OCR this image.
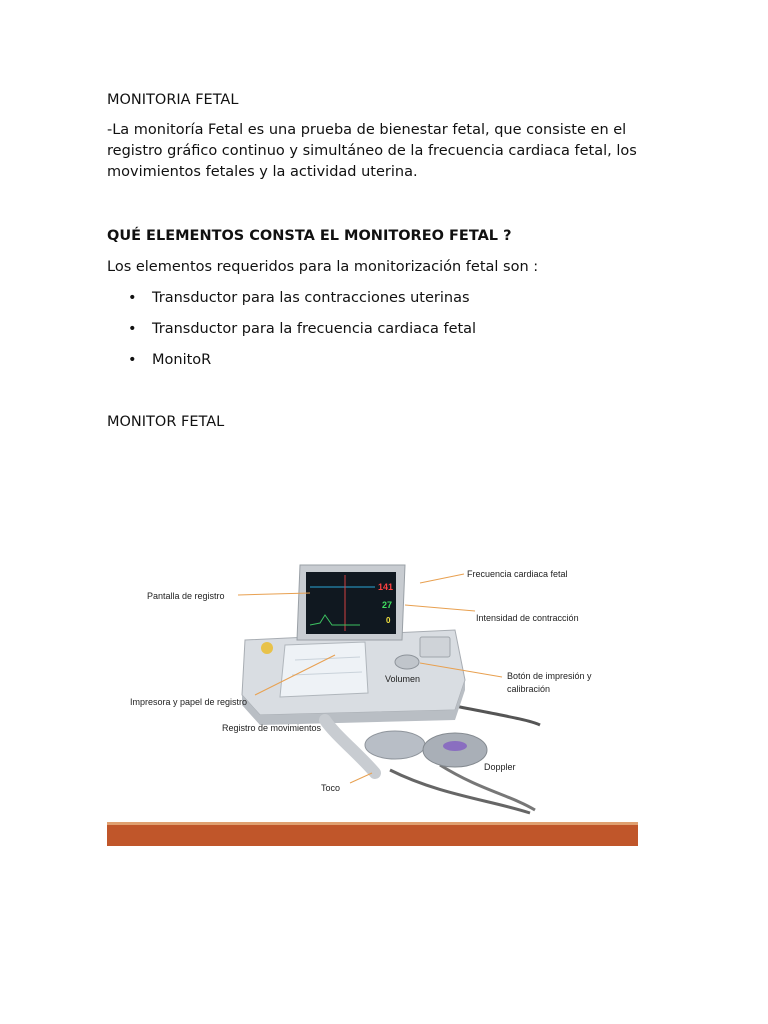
MONITORIA FETAL

-La monitoría Fetal es una prueba de bienestar fetal, que consiste en el registro gráfico continuo y simultáneo de la frecuencia cardiaca fetal, los movimientos fetales y la actividad uterina.

QUÉ ELEMENTOS CONSTA EL MONITOREO FETAL ?

Los elementos requeridos para la monitorización fetal son :

• Transductor para las contracciones uterinas
• Transductor para la frecuencia cardiaca fetal
• MonitoR

MONITOR FETAL

141
27
0
Pantalla de registro
Frecuencia cardiaca fetal
Intensidad de contracción
Botón de impresión y
calibración
Volumen
Impresora y papel de registro
Registro de movimientos
Doppler
Toco
